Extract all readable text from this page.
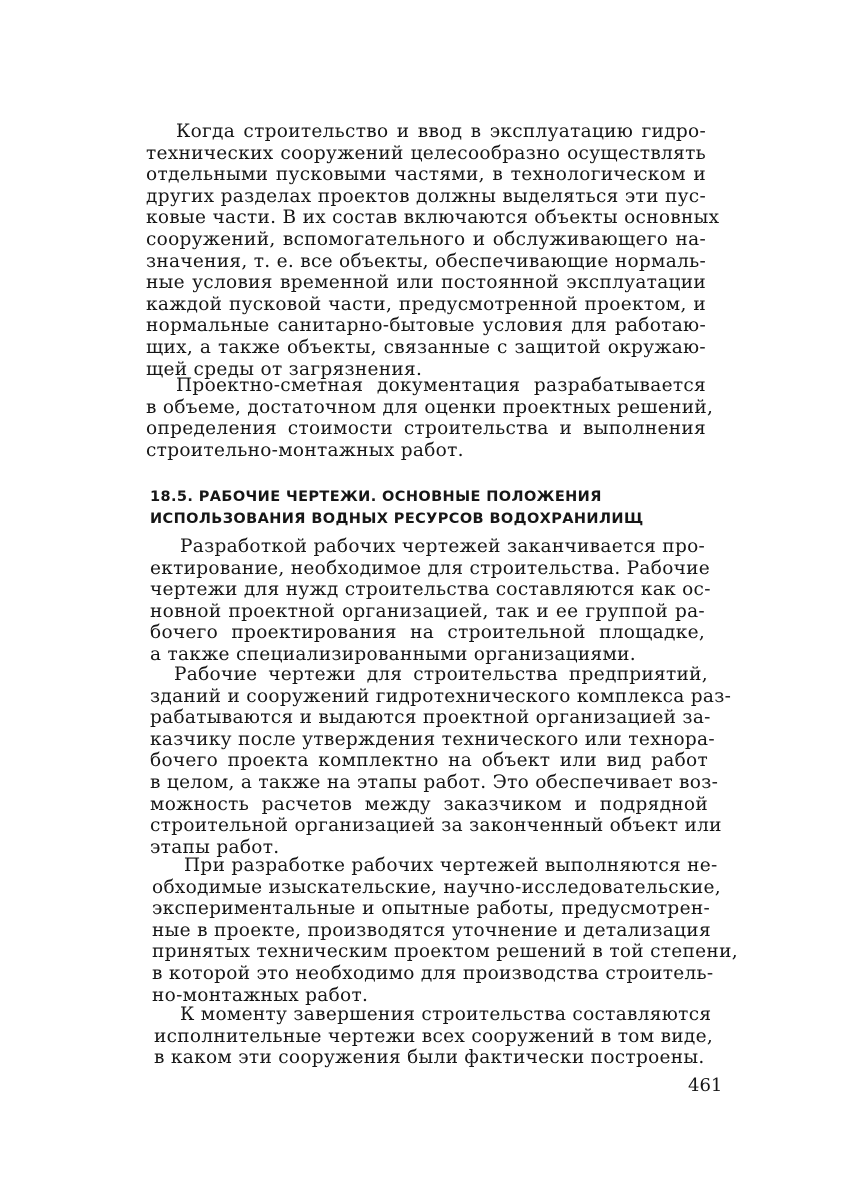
Когда строительство и ввод в эксплуатацию гидро-
технических сооружений целесообразно осуществлять
отдельными пусковыми частями, в технологическом и
других разделах проектов должны выделяться эти пус-
ковые части. В их состав включаются объекты основных
сооружений, вспомогательного и обслуживающего на-
значения, т. е. все объекты, обеспечивающие нормаль-
ные условия временной или постоянной эксплуатации
каждой пусковой части, предусмотренной проектом, и
нормальные санитарно-бытовые условия для работаю-
щих, а также объекты, связанные с защитой окружаю-
щей среды от загрязнения.
Проектно-сметная документация разрабатывается
в объеме, достаточном для оценки проектных решений,
определения стоимости строительства и выполнения
строительно-монтажных работ.
18.5. РАБОЧИЕ ЧЕРТЕЖИ. ОСНОВНЫЕ ПОЛОЖЕНИЯ
ИСПОЛЬЗОВАНИЯ ВОДНЫХ РЕСУРСОВ ВОДОХРАНИЛИЩ
Разработкой рабочих чертежей заканчивается про-
ектирование, необходимое для строительства. Рабочие
чертежи для нужд строительства составляются как ос-
новной проектной организацией, так и ее группой ра-
бочего проектирования на строительной площадке,
а также специализированными организациями.
Рабочие чертежи для строительства предприятий,
зданий и сооружений гидротехнического комплекса раз-
рабатываются и выдаются проектной организацией за-
казчику после утверждения технического или технора-
бочего проекта комплектно на объект или вид работ
в целом, а также на этапы работ. Это обеспечивает воз-
можность расчетов между заказчиком и подрядной
строительной организацией за законченный объект или
этапы работ.
При разработке рабочих чертежей выполняются не-
обходимые изыскательские, научно-исследовательские,
экспериментальные и опытные работы, предусмотрен-
ные в проекте, производятся уточнение и детализация
принятых техническим проектом решений в той степени,
в которой это необходимо для производства строитель-
но-монтажных работ.
К моменту завершения строительства составляются
исполнительные чертежи всех сооружений в том виде,
в каком эти сооружения были фактически построены.
461
